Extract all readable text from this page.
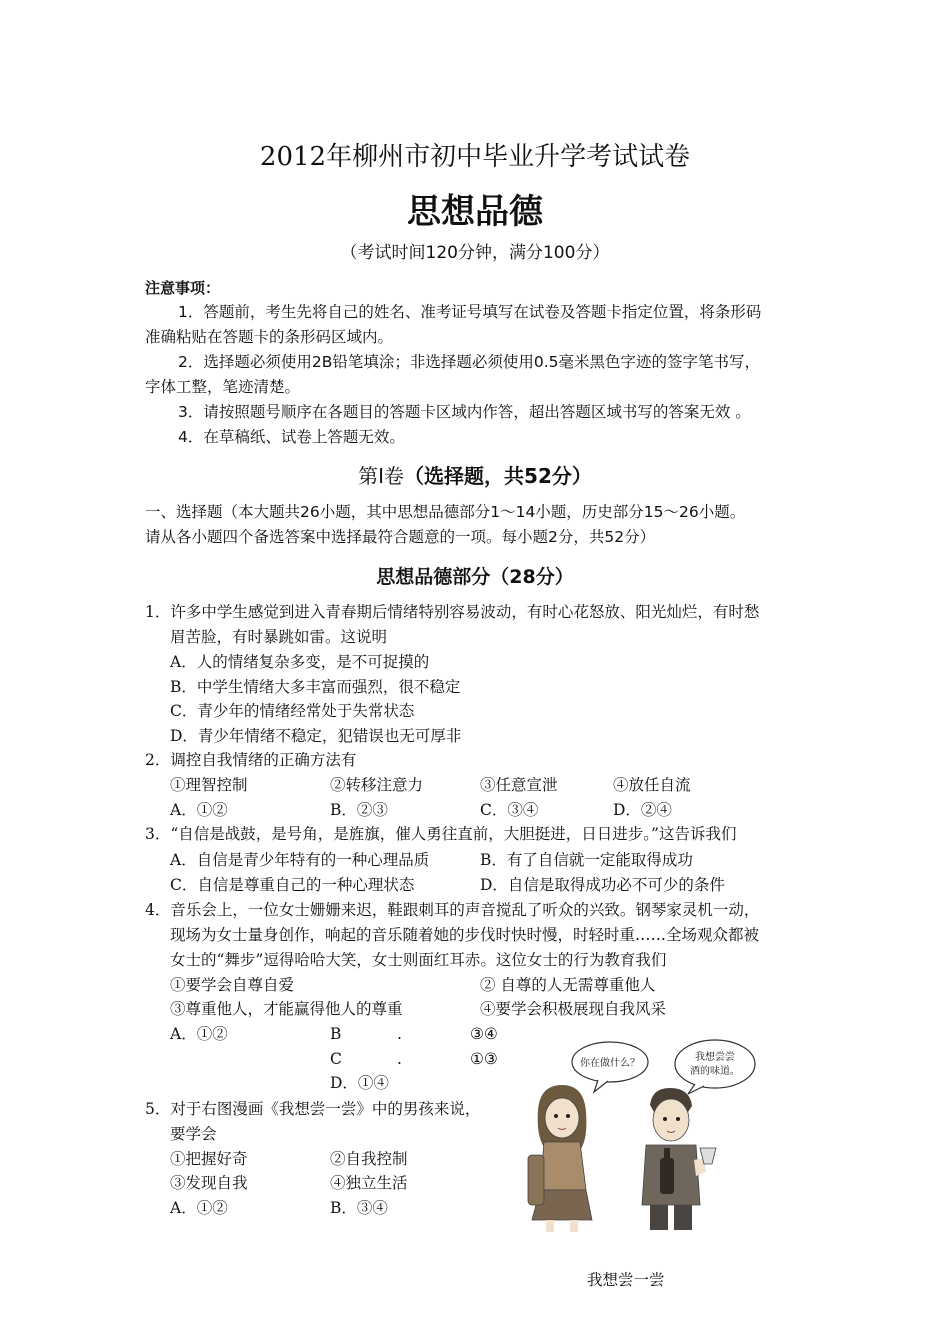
2012年柳州市初中毕业升学考试试卷
思想品德
（考试时间120分钟，满分100分）
注意事项：
1．答题前，考生先将自己的姓名、准考证号填写在试卷及答题卡指定位置，将条形码
准确粘贴在答题卡的条形码区域内。
2．选择题必须使用2B铅笔填涂；非选择题必须使用0.5毫米黑色字迹的签字笔书写，
字体工整，笔迹清楚。
3．请按照题号顺序在各题目的答题卡区域内作答，超出答题区域书写的答案无效 。
4．在草稿纸、试卷上答题无效。
第Ⅰ卷（选择题，共52分）
一、选择题（本大题共26小题，其中思想品德部分1～14小题，历史部分15～26小题。
请从各小题四个备选答案中选择最符合题意的一项。每小题2分，共52分）
思想品德部分（28分）
1．许多中学生感觉到进入青春期后情绪特别容易波动，有时心花怒放、阳光灿烂，有时愁
眉苦脸，有时暴跳如雷。这说明
A．人的情绪复杂多变，是不可捉摸的
B．中学生情绪大多丰富而强烈，很不稳定
C．青少年的情绪经常处于失常状态
D．青少年情绪不稳定，犯错误也无可厚非
2．调控自我情绪的正确方法有
①理智控制	②转移注意力	③任意宣泄	④放任自流
A．①②	B．②③	C．③④	D．②④
3．“自信是战鼓，是号角，是旌旗，催人勇往直前，大胆挺进，日日进步。”这告诉我们
A．自信是青少年特有的一种心理品质	B．有了自信就一定能取得成功
C．自信是尊重自己的一种心理状态	D．自信是取得成功必不可少的条件
4．音乐会上，一位女士姗姗来迟，鞋跟刺耳的声音搅乱了听众的兴致。钢琴家灵机一动，
现场为女士量身创作，响起的音乐随着她的步伐时快时慢，时轻时重……全场观众都被
女士的“舞步”逗得哈哈大笑，女士则面红耳赤。这位女士的行为教育我们
①要学会自尊自爱	② 自尊的人无需尊重他人
③尊重他人，才能赢得他人的尊重	④要学会积极展现自我风采
A．①②	B	.	③④
C	.	①③
D．①④
5．对于右图漫画《我想尝一尝》中的男孩来说，
要学会
①把握好奇	②自我控制
③发现自我	④独立生活
A．①②	B．③④
你在做什么？
我想尝尝
酒的味道。
我想尝一尝
